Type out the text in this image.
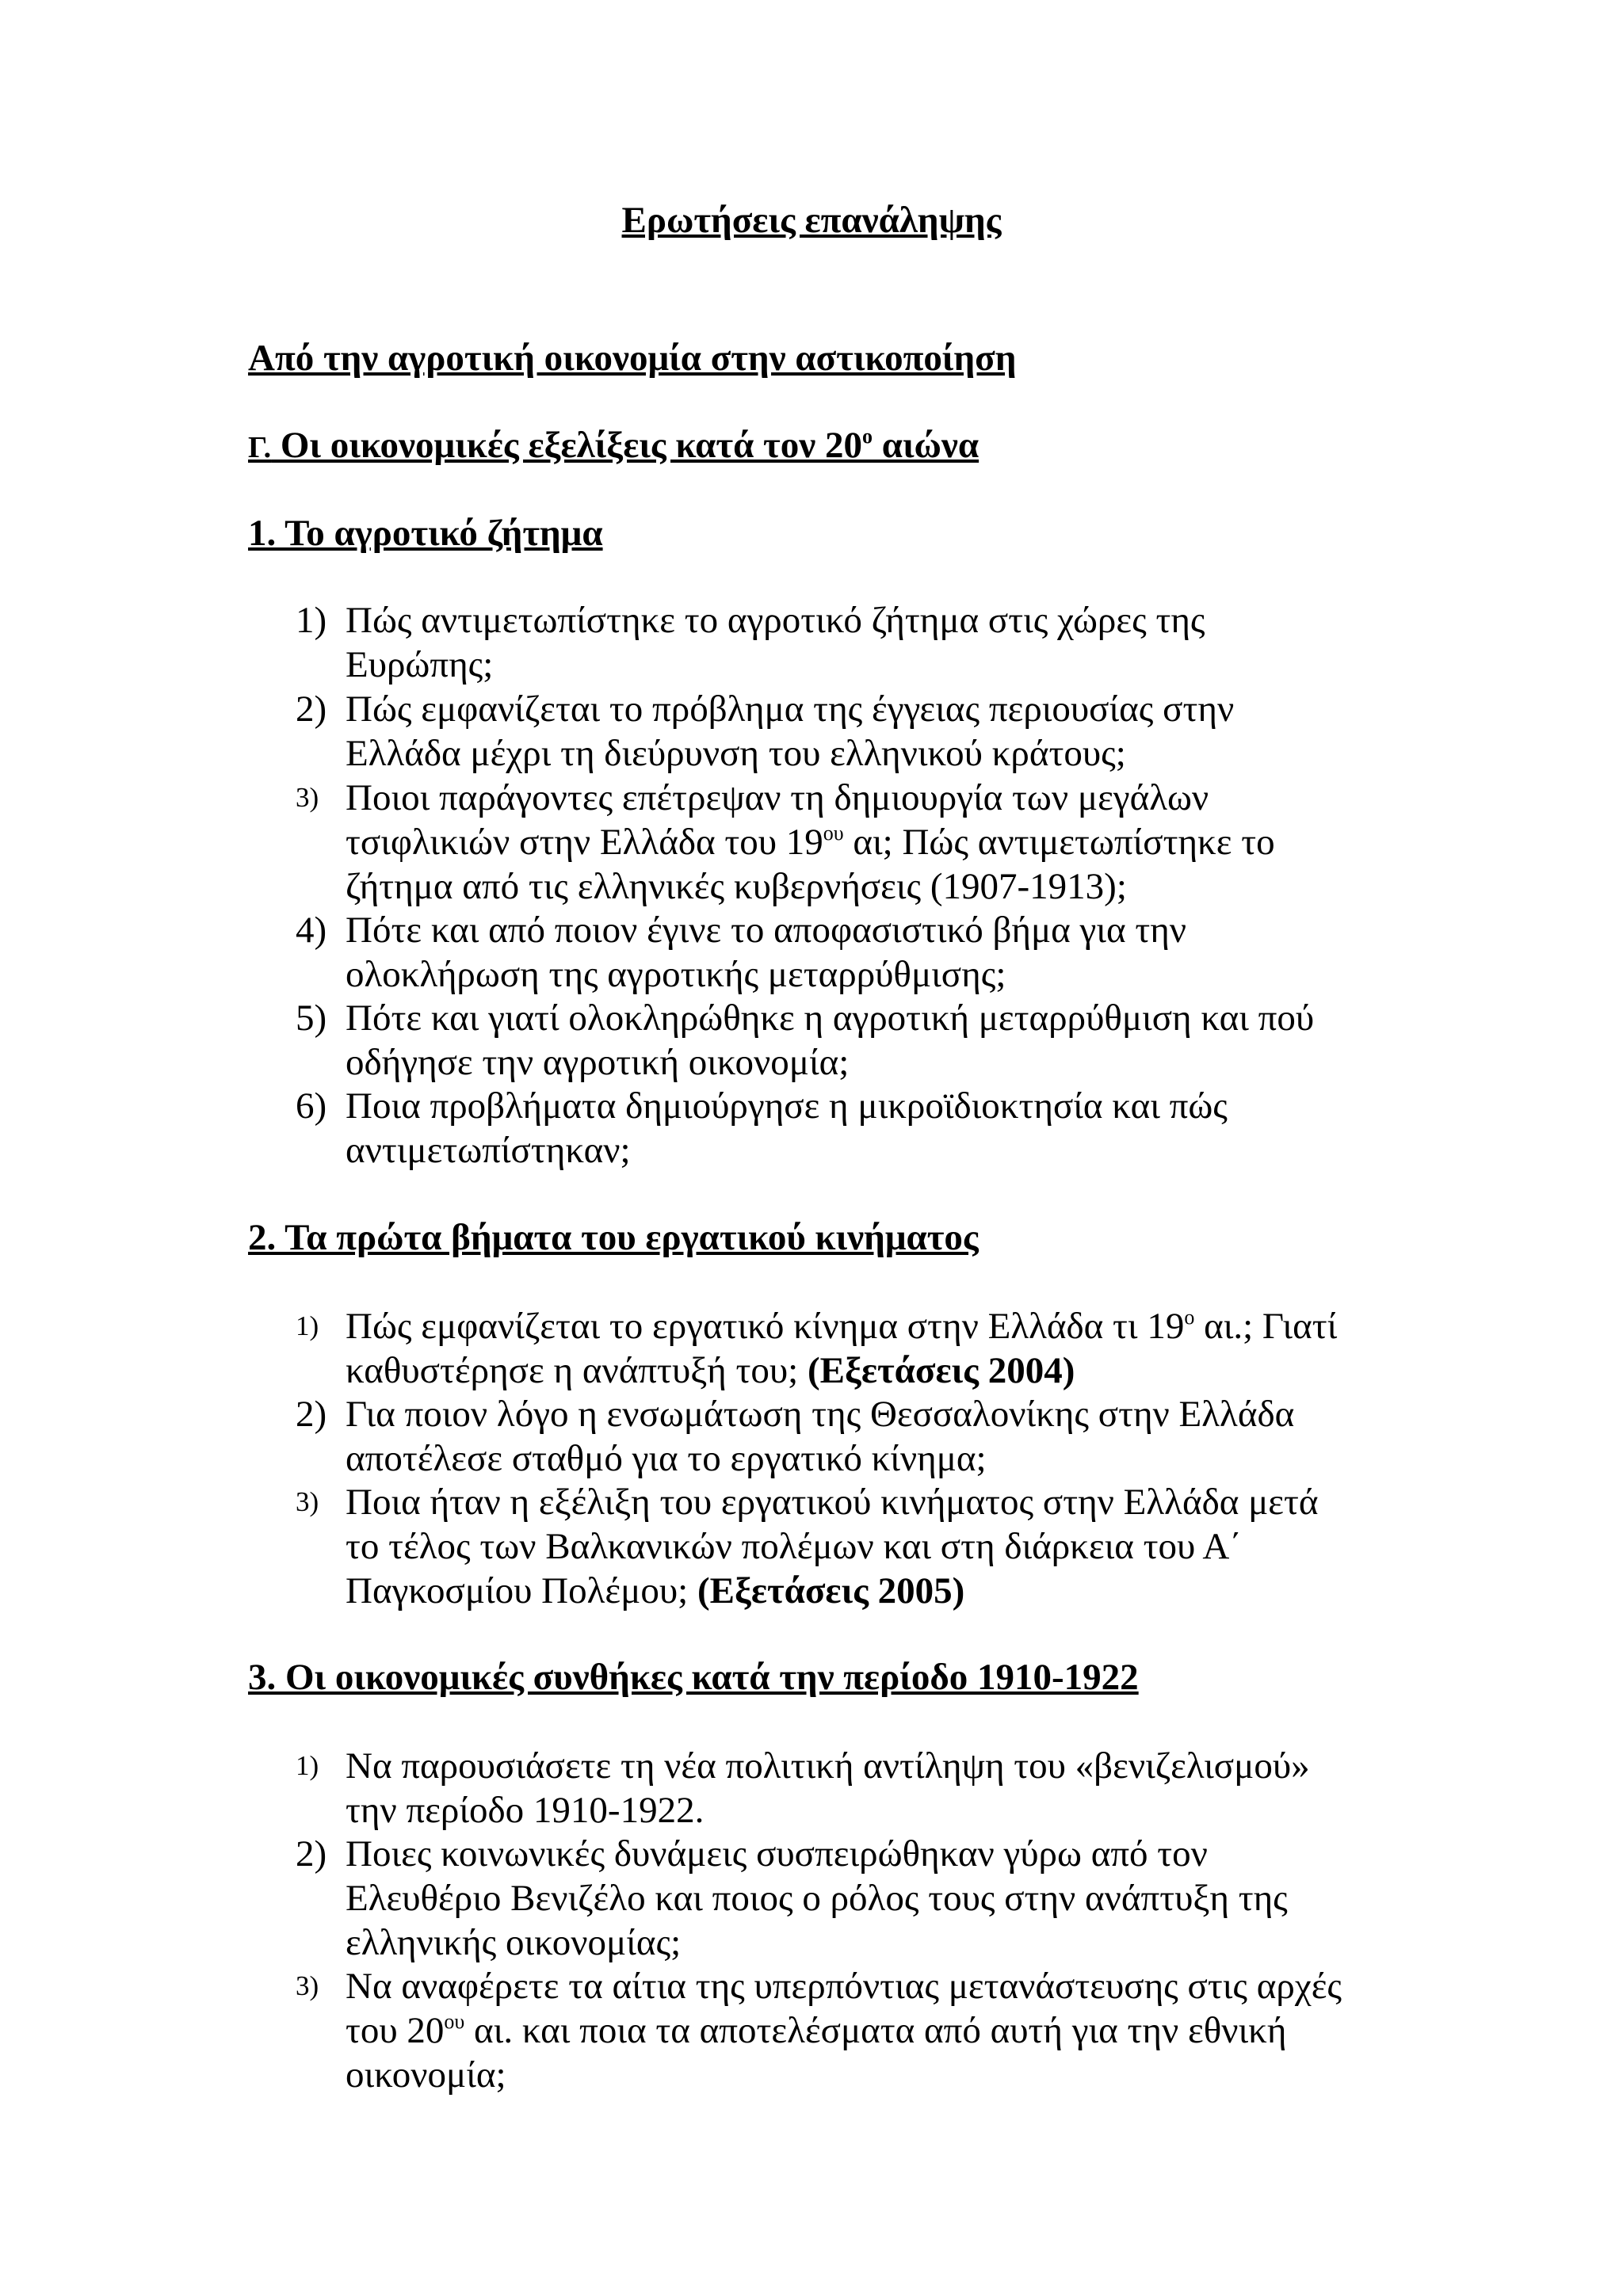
Ερωτήσεις επανάληψης
Από την αγροτική οικονομία στην αστικοποίηση
Γ. Οι οικονομικές εξελίξεις κατά τον $20^o$ αιώνα
1. Το αγροτικό ζήτημα
1) Πώς αντιμετωπίστηκε το αγροτικό ζήτημα στις χώρες της
Ευρώπης;
2) Πώς εμφανίζεται το πρόβλημα της έγγειας περιουσίας στην
Ελλάδα μέχρι τη διεύρυνση του ελληνικού κράτους;
3) Ποιοι παράγοντες επέτρεψαν τη δημιουργία των μεγάλων
τσιφλικιών στην Ελλάδα του $19^{o\upsilon}$ αι; Πώς αντιμετωπίστηκε το
ζήτημα από τις ελληνικές κυβερνήσεις (1907-1913);
4) Πότε και από ποιον έγινε το αποφασιστικό βήμα για την
ολοκλήρωση της αγροτικής μεταρρύθμισης;
5) Πότε και γιατί ολοκληρώθηκε η αγροτική μεταρρύθμιση και πού
οδήγησε την αγροτική οικονομία;
6) Ποια προβλήματα δημιούργησε η μικροϊδιοκτησία και πώς
αντιμετωπίστηκαν;
2. Τα πρώτα βήματα του εργατικού κινήματος
1) Πώς εμφανίζεται το εργατικό κίνημα στην Ελλάδα τι $19^o$ αι.; Γιατί
καθυστέρησε η ανάπτυξή του; (Εξετάσεις 2004)
2) Για ποιον λόγο η ενσωμάτωση της Θεσσαλονίκης στην Ελλάδα
αποτέλεσε σταθμό για το εργατικό κίνημα;
3) Ποια ήταν η εξέλιξη του εργατικού κινήματος στην Ελλάδα μετά
το τέλος των Βαλκανικών πολέμων και στη διάρκεια του Α΄
Παγκοσμίου Πολέμου; (Εξετάσεις 2005)
3. Οι οικονομικές συνθήκες κατά την περίοδο 1910-1922
1) Να παρουσιάσετε τη νέα πολιτική αντίληψη του «βενιζελισμού»
την περίοδο 1910-1922.
2) Ποιες κοινωνικές δυνάμεις συσπειρώθηκαν γύρω από τον
Ελευθέριο Βενιζέλο και ποιος ο ρόλος τους στην ανάπτυξη της
ελληνικής οικονομίας;
3) Να αναφέρετε τα αίτια της υπερπόντιας μετανάστευσης στις αρχές
του $20^{o\upsilon}$ αι. και ποια τα αποτελέσματα από αυτή για την εθνική
οικονομία;
